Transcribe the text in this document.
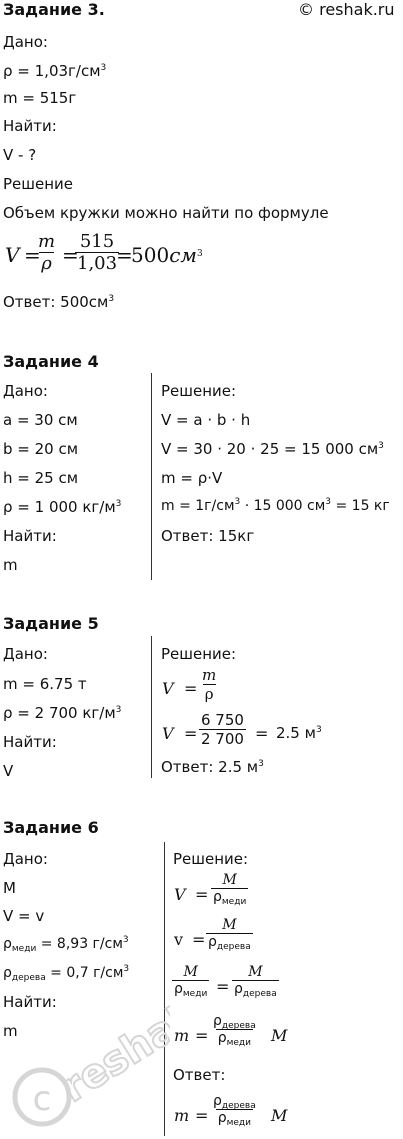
Задание 3.	© reshak.ru
Дано:
$\rho = 1,03г/см^3$
m = 515г
Найти:
V - ?
Решение
Объем кружки можно найти по формуле
V =
$\frac{m}{\rho}$ =
$\frac{515}{1,03}$
=
$500см^3$
Ответ: $500см^3$
Задание 4
Дано:
a = 30 см
b = 20 см
h = 25 см
ρ = 1 000 $кг/м^3$
Найти:
m
Решение:
V = a · b · h
V = 30 · 20 · 25 = 15 000 $см^3$
m = ρ·V
$m = 1г/см^3 \cdot 15$ 000 $см^3 = 15$ кг
Ответ: 15кг
Задание 5
Дано:
m = 6.75 т
ρ = 2 700 $кг/м^3$
Найти:
V
Решение:
$V = \frac{m}{\rho}$
$V = \frac{6 750}{2 700} = 2.5$ $м^3$
Ответ: 2.5 $м^3$
Задание 6
Дано:
M
V = v
$\rho_{меди} = 8,93$ $г/см^3$
$\rho_{дерева} = 0,7$ $г/см^3$
Найти:
m
Решение:
V =
M
$\rho_{меди}$
v =
M
$\rho_{дерева}$
M
$\rho_{меди}$ =
M
$\rho_{дерева}$
m =
$\rho_{дерева}$
$\rho_{меди}$ M
Ответ:
m =
$\rho_{дерева}$
$\rho_{меди}$ M
c reshak.ru
